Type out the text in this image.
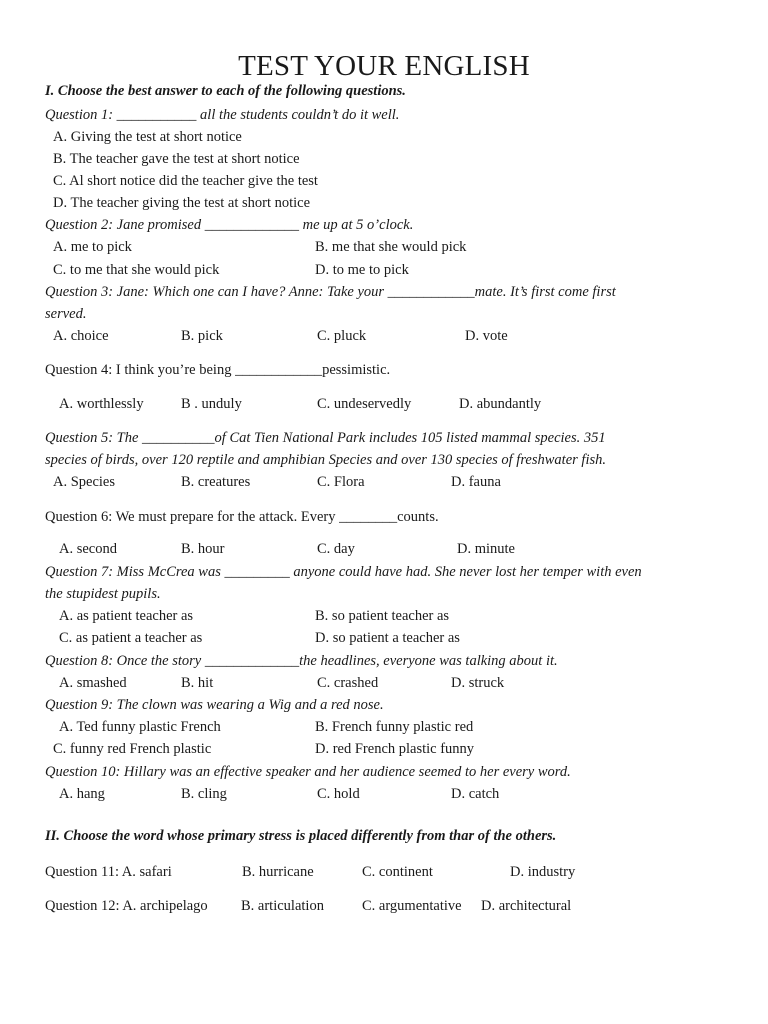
TEST YOUR ENGLISH
I. Choose the best answer to each of the following questions.
Question 1: ___________ all the students couldn’t do it well.
A. Giving the test at short notice
B. The teacher gave the test at short notice
C. Al short notice did the teacher give the test
D. The teacher giving the test at short notice
Question 2: Jane promised _____________ me up at 5 o’clock.
A. me to pick	B. me that she would pick
C. to me that she would pick	D. to me to pick
Question 3: Jane: Which one can I have? Anne: Take your ____________mate. It’s first come first
served.
A. choice	B. pick	C. pluck	D. vote
Question 4: I think you’re being ____________pessimistic.
A. worthlessly	B . unduly	C. undeservedly	D. abundantly
Question 5: The __________of Cat Tien National Park includes 105 listed mammal species. 351
species of birds, over 120 reptile and amphibian Species and over 130 species of freshwater fish.
A. Species	B. creatures	C. Flora	D. fauna
Question 6: We must prepare for the attack. Every ________counts.
A. second	B. hour	C. day	D. minute
Question 7: Miss McCrea was _________ anyone could have had. She never lost her temper with even
the stupidest pupils.
A. as patient teacher as	B. so patient teacher as
C. as patient a teacher as	D. so patient a teacher as
Question 8: Once the story _____________the headlines, everyone was talking about it.
A. smashed	B. hit	C. crashed	D. struck
Question 9: The clown was wearing a Wig and a red nose.
A. Ted funny plastic French	B. French funny plastic red
C. funny red French plastic	D. red French plastic funny
Question 10: Hillary was an effective speaker and her audience seemed to her every word.
A. hang	B. cling	C. hold	D. catch
II. Choose the word whose primary stress is placed differently from thar of the others.
Question 11: A. safari	B. hurricane	C. continent	D. industry
Question 12: A. archipelago B. articulation	C. argumentative D. architectural
